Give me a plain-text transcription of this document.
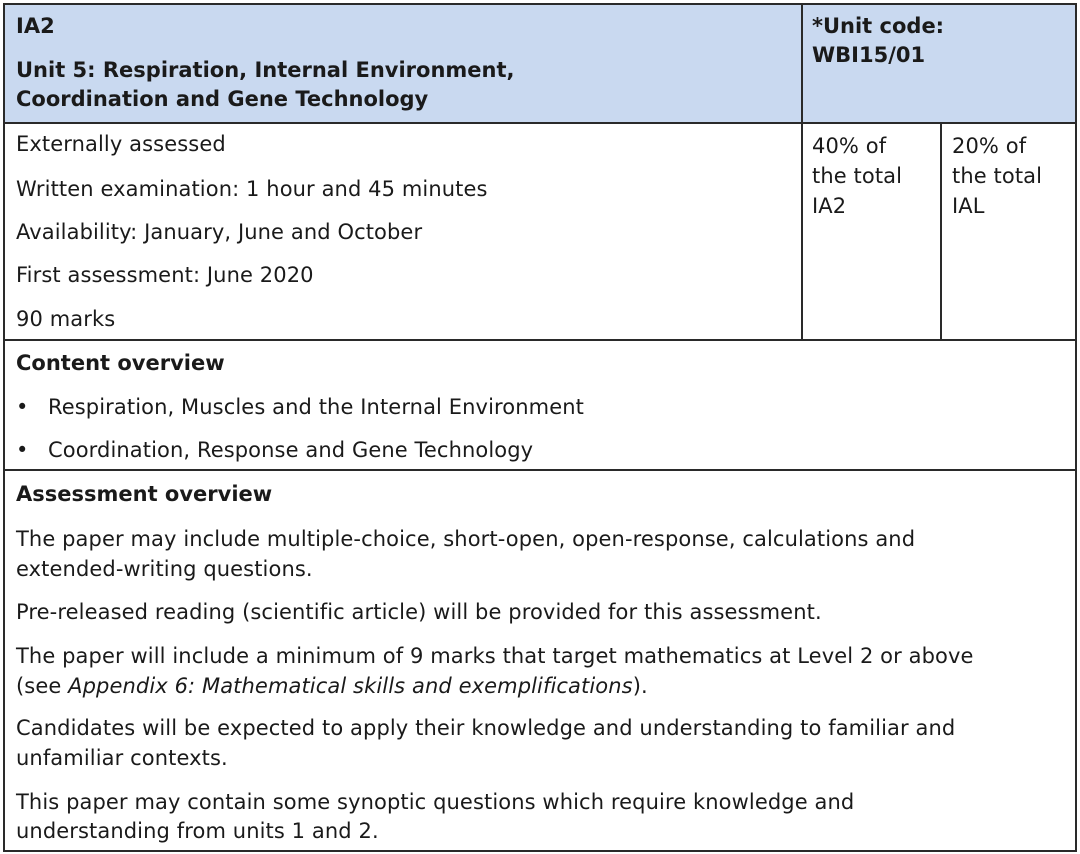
IA2
Unit 5: Respiration, Internal Environment,
Coordination and Gene Technology
*Unit code:
WBI15/01
Externally assessed
Written examination: 1 hour and 45 minutes
Availability: January, June and October
First assessment: June 2020
90 marks
40% of
the total
IA2
20% of
the total
IAL
Content overview
• Respiration, Muscles and the Internal Environment
• Coordination, Response and Gene Technology
Assessment overview
The paper may include multiple-choice, short-open, open-response, calculations and
extended-writing questions.
Pre-released reading (scientific article) will be provided for this assessment.
The paper will include a minimum of 9 marks that target mathematics at Level 2 or above
(see Appendix 6: Mathematical skills and exemplifications).
Candidates will be expected to apply their knowledge and understanding to familiar and
unfamiliar contexts.
This paper may contain some synoptic questions which require knowledge and
understanding from units 1 and 2.
